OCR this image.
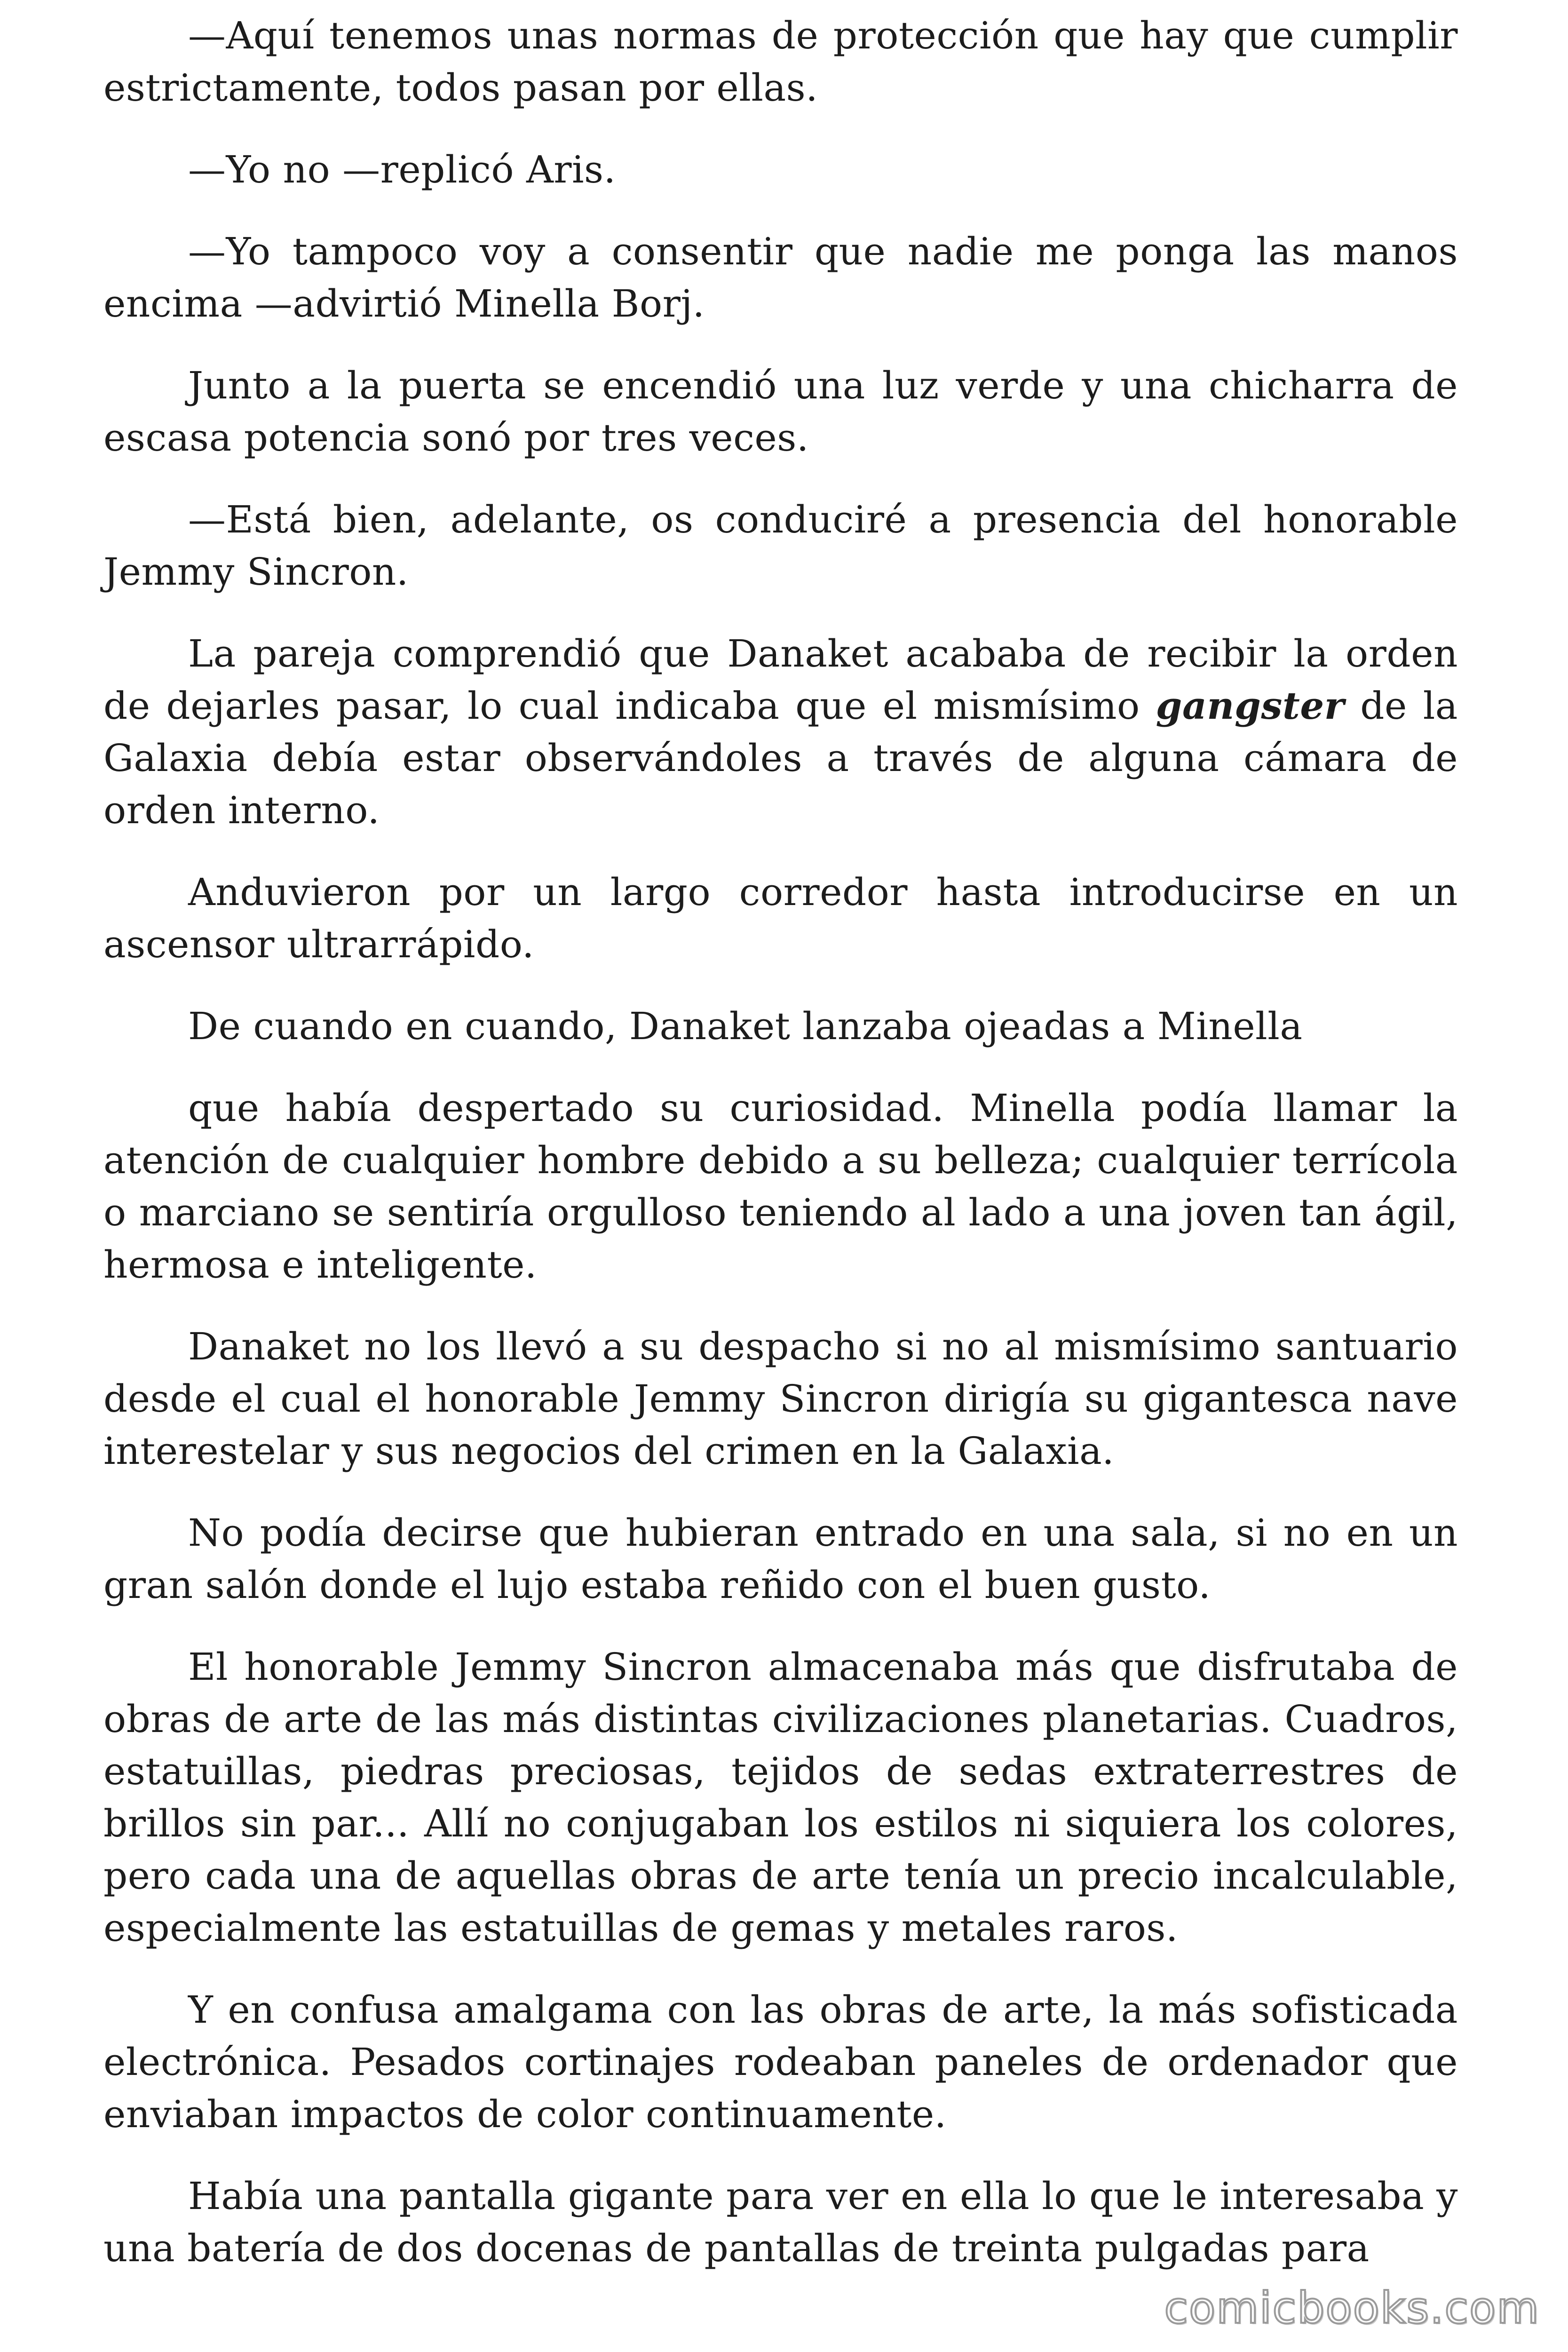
—Aquí tenemos unas normas de protección que hay que cumplir estrictamente, todos pasan por ellas.

—Yo no —replicó Aris.

—Yo tampoco voy a consentir que nadie me ponga las manos encima —advirtió Minella Borj.

Junto a la puerta se encendió una luz verde y una chicharra de escasa potencia sonó por tres veces.

—Está bien, adelante, os conduciré a presencia del honorable Jemmy Sincron.

La pareja comprendió que Danaket acababa de recibir la orden de dejarles pasar, lo cual indicaba que el mismísimo gangster de la Galaxia debía estar observándoles a través de alguna cámara de orden interno.

Anduvieron por un largo corredor hasta introducirse en un ascensor ultrarrápido.

De cuando en cuando, Danaket lanzaba ojeadas a Minella

que había despertado su curiosidad. Minella podía llamar la atención de cualquier hombre debido a su belleza; cualquier terrícola o marciano se sentiría orgulloso teniendo al lado a una joven tan ágil, hermosa e inteligente.

Danaket no los llevó a su despacho si no al mismísimo santuario desde el cual el honorable Jemmy Sincron dirigía su gigantesca nave interestelar y sus negocios del crimen en la Galaxia.

No podía decirse que hubieran entrado en una sala, si no en un gran salón donde el lujo estaba reñido con el buen gusto.

El honorable Jemmy Sincron almacenaba más que disfrutaba de obras de arte de las más distintas civilizaciones planetarias. Cuadros, estatuillas, piedras preciosas, tejidos de sedas extraterrestres de brillos sin par... Allí no conjugaban los estilos ni siquiera los colores, pero cada una de aquellas obras de arte tenía un precio incalculable, especialmente las estatuillas de gemas y metales raros.

Y en confusa amalgama con las obras de arte, la más sofisticada electrónica. Pesados cortinajes rodeaban paneles de ordenador que enviaban impactos de color continuamente.

Había una pantalla gigante para ver en ella lo que le interesaba y una batería de dos docenas de pantallas de treinta pulgadas para

comicbooks.com
